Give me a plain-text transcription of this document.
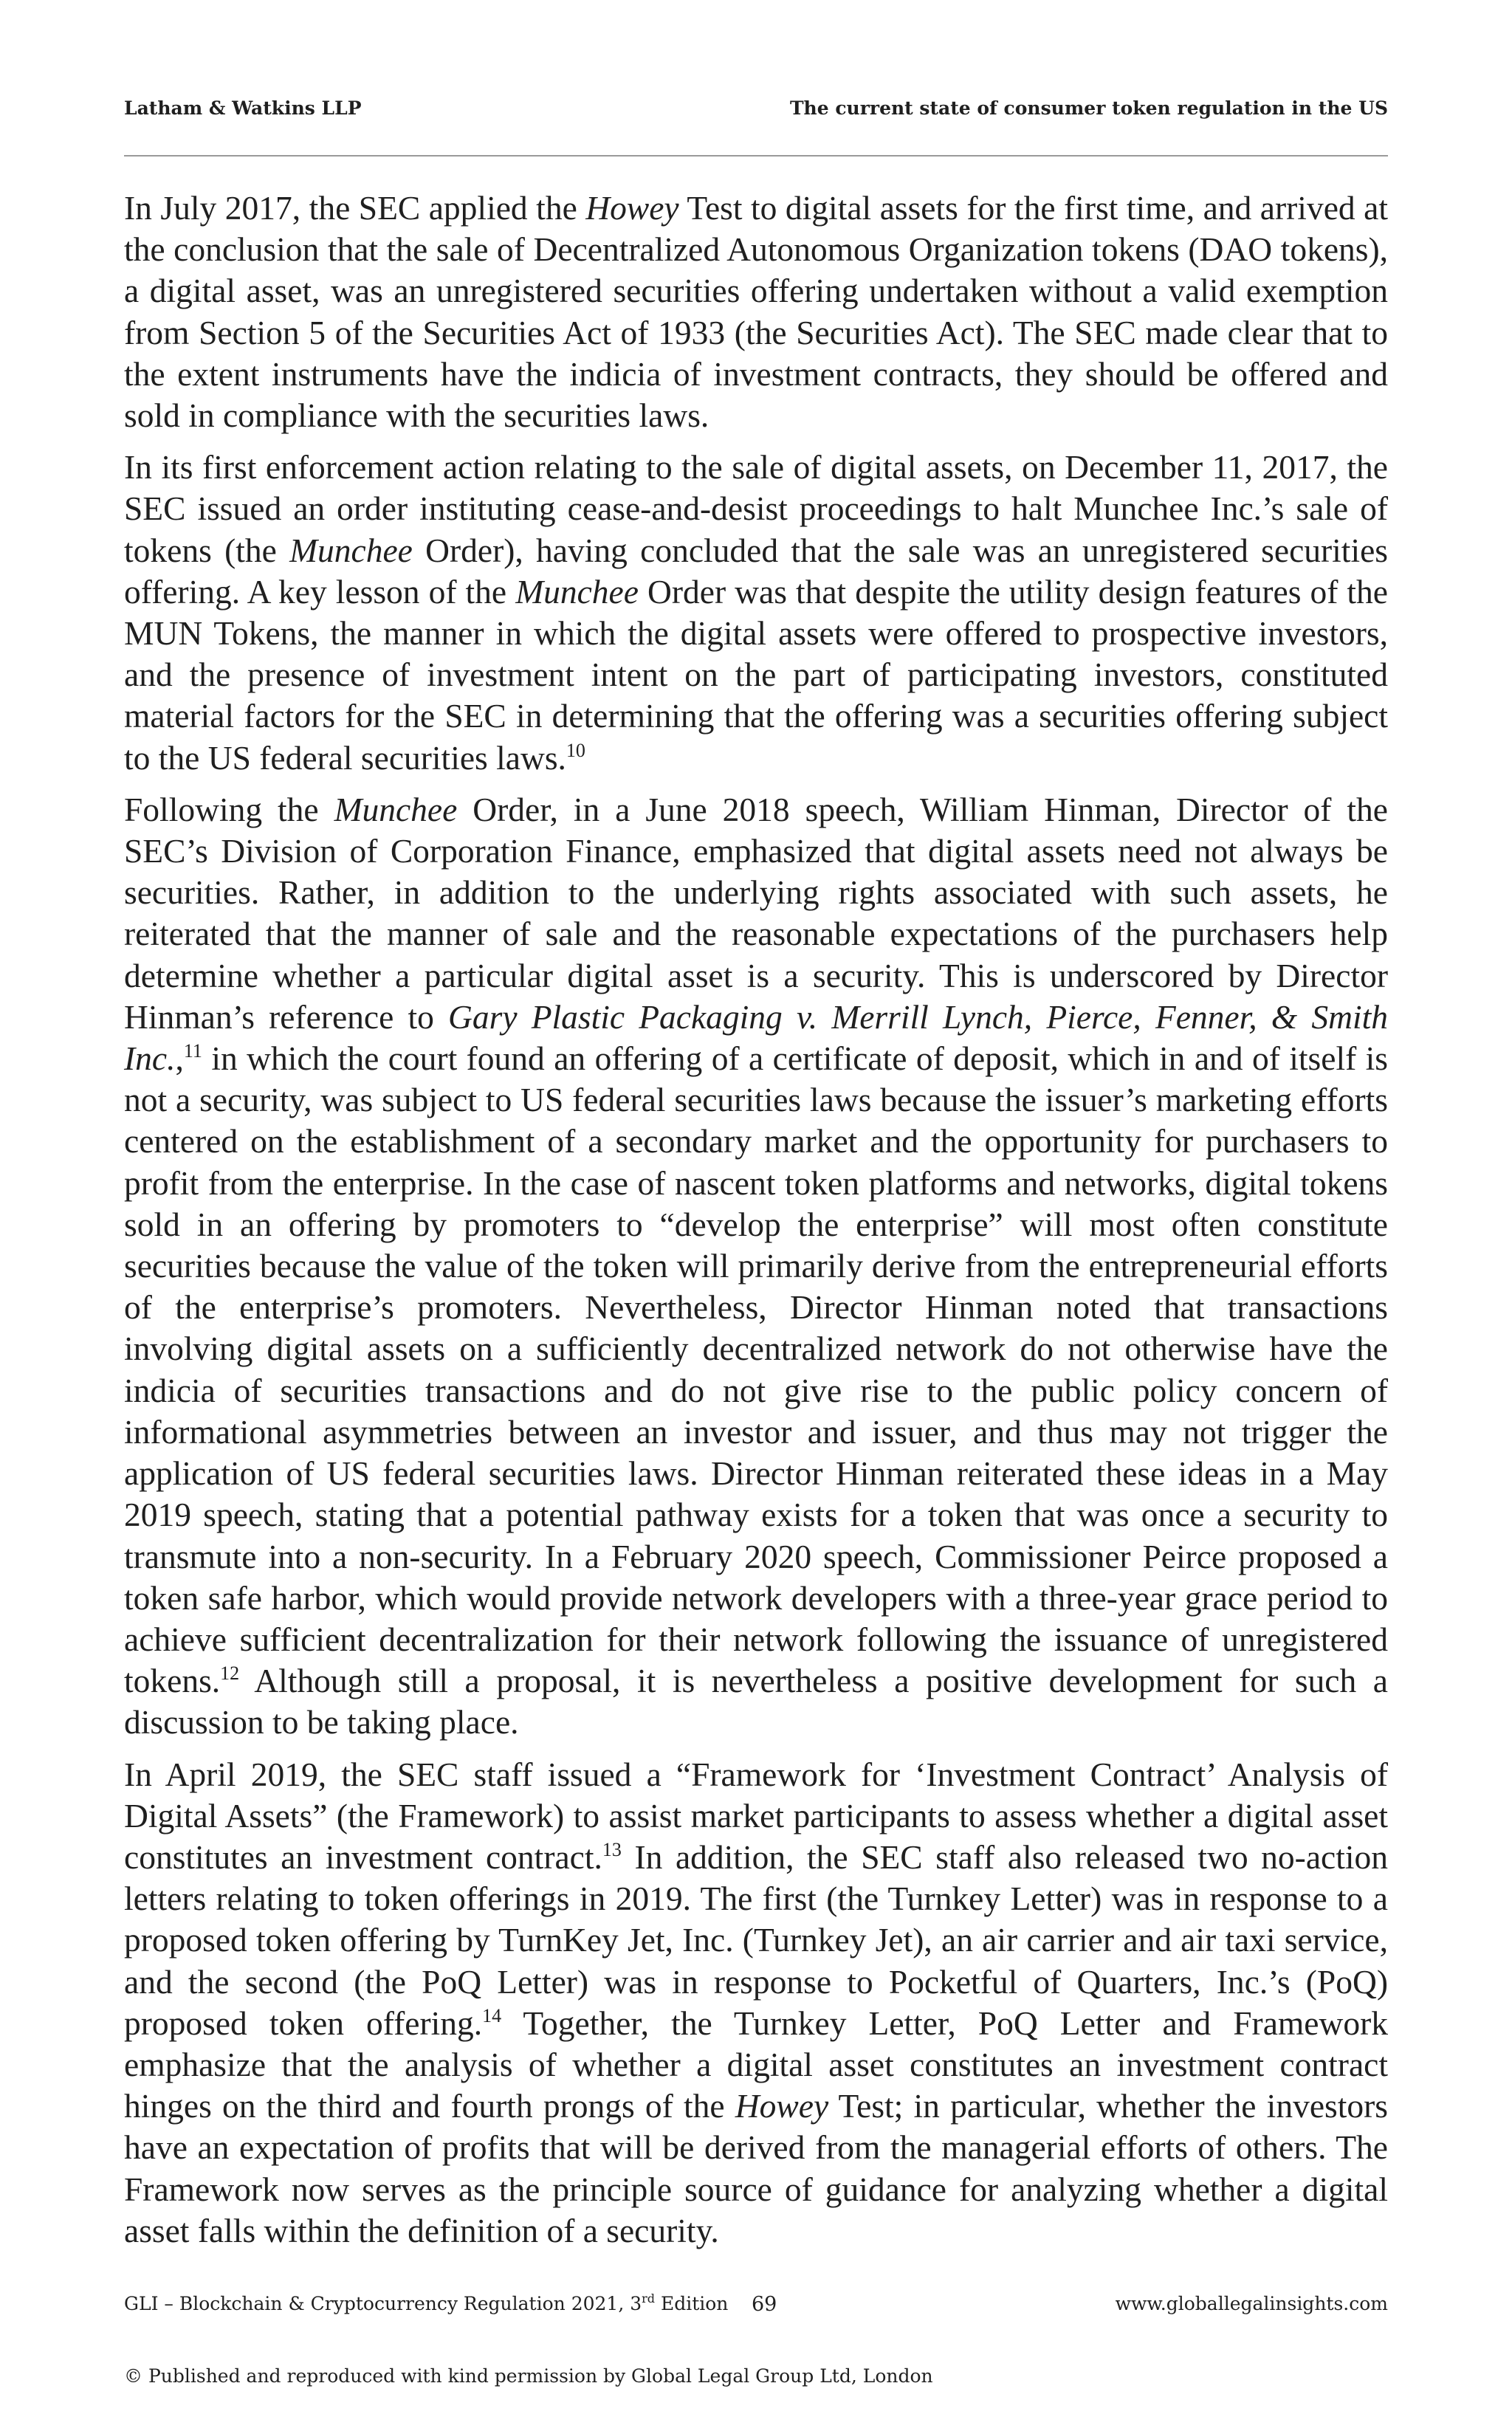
Latham & Watkins LLP	The current state of consumer token regulation in the US

In July 2017, the SEC applied the Howey Test to digital assets for the first time, and arrived at the conclusion that the sale of Decentralized Autonomous Organization tokens (DAO tokens), a digital asset, was an unregistered securities offering undertaken without a valid exemption from Section 5 of the Securities Act of 1933 (the Securities Act). The SEC made clear that to the extent instruments have the indicia of investment contracts, they should be offered and sold in compliance with the securities laws.

In its first enforcement action relating to the sale of digital assets, on December 11, 2017, the SEC issued an order instituting cease-and-desist proceedings to halt Munchee Inc.’s sale of tokens (the Munchee Order), having concluded that the sale was an unregistered securities offering. A key lesson of the Munchee Order was that despite the utility design features of the MUN Tokens, the manner in which the digital assets were offered to prospective investors, and the presence of investment intent on the part of participating investors, constituted material factors for the SEC in determining that the offering was a securities offering subject to the US federal securities laws.$^{10}$

Following the Munchee Order, in a June 2018 speech, William Hinman, Director of the SEC’s Division of Corporation Finance, emphasized that digital assets need not always be securities. Rather, in addition to the underlying rights associated with such assets, he reiterated that the manner of sale and the reasonable expectations of the purchasers help determine whether a particular digital asset is a security. This is underscored by Director Hinman’s reference to Gary Plastic Packaging v. Merrill Lynch, Pierce, Fenner, & Smith Inc.,$^{11}$ in which the court found an offering of a certificate of deposit, which in and of itself is not a security, was subject to US federal securities laws because the issuer’s marketing efforts centered on the establishment of a secondary market and the opportunity for purchasers to profit from the enterprise. In the case of nascent token platforms and networks, digital tokens sold in an offering by promoters to “develop the enterprise” will most often constitute securities because the value of the token will primarily derive from the entrepreneurial efforts of the enterprise’s promoters. Nevertheless, Director Hinman noted that transactions involving digital assets on a sufficiently decentralized network do not otherwise have the indicia of securities transactions and do not give rise to the public policy concern of informational asymmetries between an investor and issuer, and thus may not trigger the application of US federal securities laws. Director Hinman reiterated these ideas in a May 2019 speech, stating that a potential pathway exists for a token that was once a security to transmute into a non-security. In a February 2020 speech, Commissioner Peirce proposed a token safe harbor, which would provide network developers with a three-year grace period to achieve sufficient decentralization for their network following the issuance of unregistered tokens.$^{12}$ Although still a proposal, it is nevertheless a positive development for such a discussion to be taking place.

In April 2019, the SEC staff issued a “Framework for ‘Investment Contract’ Analysis of Digital Assets” (the Framework) to assist market participants to assess whether a digital asset constitutes an investment contract.$^{13}$ In addition, the SEC staff also released two no-action letters relating to token offerings in 2019. The first (the Turnkey Letter) was in response to a proposed token offering by TurnKey Jet, Inc. (Turnkey Jet), an air carrier and air taxi service, and the second (the PoQ Letter) was in response to Pocketful of Quarters, Inc.’s (PoQ) proposed token offering.$^{14}$ Together, the Turnkey Letter, PoQ Letter and Framework emphasize that the analysis of whether a digital asset constitutes an investment contract hinges on the third and fourth prongs of the Howey Test; in particular, whether the investors have an expectation of profits that will be derived from the managerial efforts of others. The Framework now serves as the principle source of guidance for analyzing whether a digital asset falls within the definition of a security.

GLI – Blockchain & Cryptocurrency Regulation 2021, 3rd Edition 69	www.globallegalinsights.com
© Published and reproduced with kind permission by Global Legal Group Ltd, London
